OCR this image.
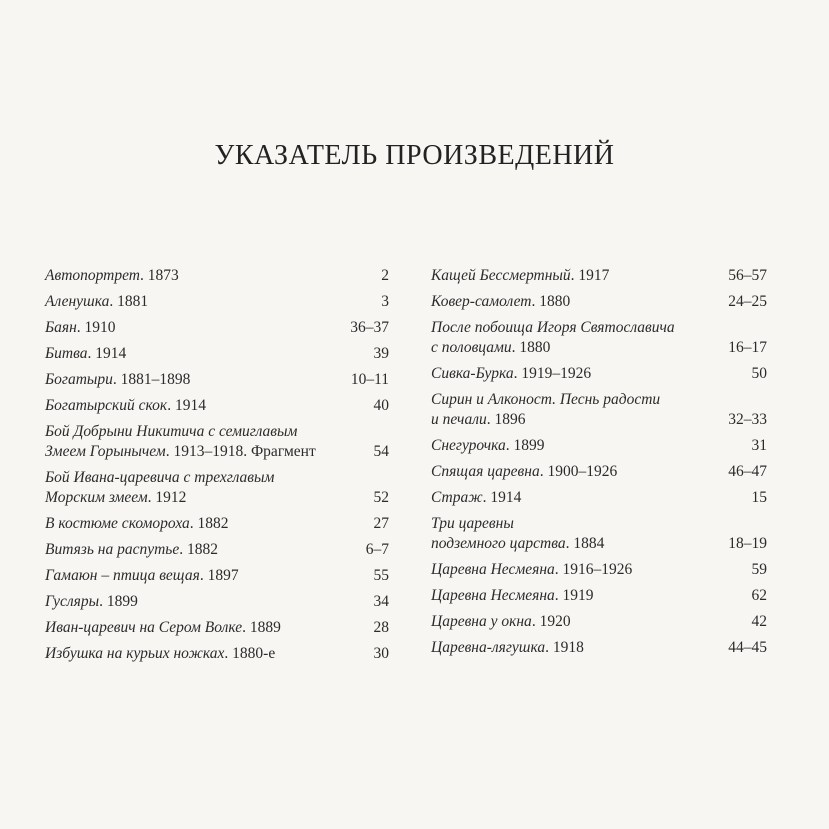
УКАЗАТЕЛЬ ПРОИЗВЕДЕНИЙ
Автопортрет. 1873	2
Аленушка. 1881	3
Баян. 1910	36–37
Битва. 1914	39
Богатыри. 1881–1898	10–11
Богатырский скок. 1914	40
Бой Добрыни Никитича с семиглавым
Змеем Горынычем. 1913–1918. Фрагмент	54
Бой Ивана-царевича с трехглавым
Морским змеем. 1912	52
В костюме скомороха. 1882	27
Витязь на распутье. 1882	6–7
Гамаюн – птица вещая. 1897	55
Гусляры. 1899	34
Иван-царевич на Сером Волке. 1889	28
Избушка на курьих ножках. 1880-е	30
Кащей Бессмертный. 1917	56–57
Ковер-самолет. 1880	24–25
После побоища Игоря Святославича
с половцами. 1880	16–17
Сивка-Бурка. 1919–1926	50
Сирин и Алконост. Песнь радости
и печали. 1896	32–33
Снегурочка. 1899	31
Спящая царевна. 1900–1926	46–47
Страж. 1914	15
Три царевны
подземного царства. 1884	18–19
Царевна Несмеяна. 1916–1926	59
Царевна Несмеяна. 1919	62
Царевна у окна. 1920	42
Царевна-лягушка. 1918	44–45
